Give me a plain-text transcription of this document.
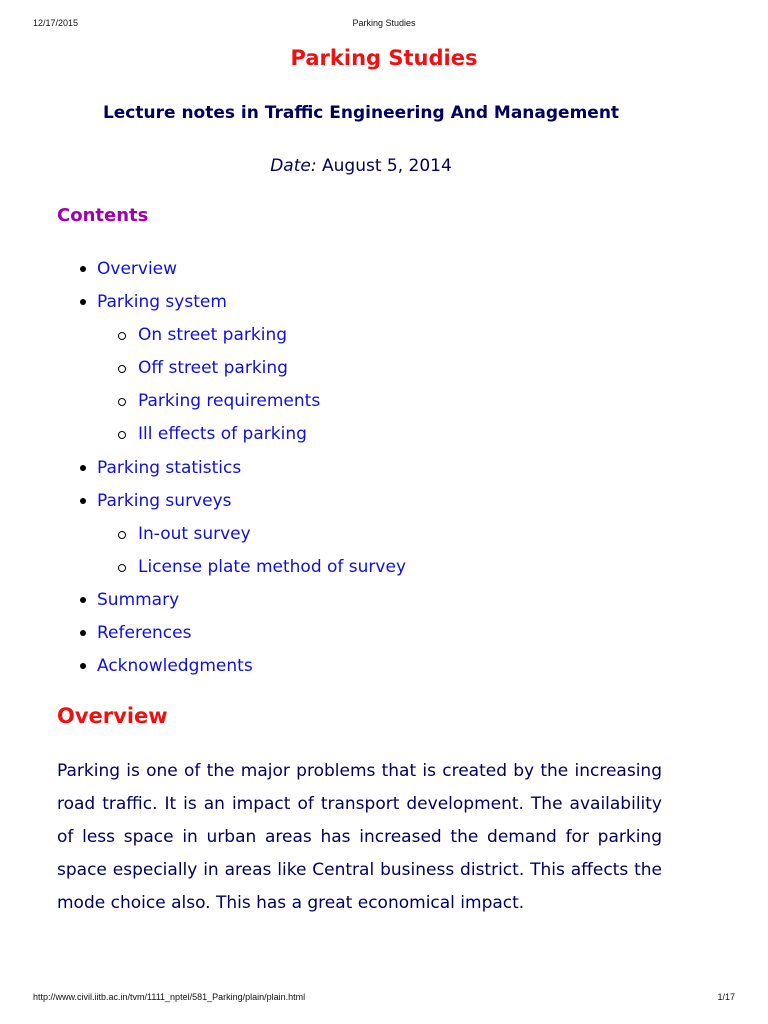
12/17/2015	Parking Studies
Parking Studies
Lecture notes in Traffic Engineering And Management
Date: August 5, 2014
Contents
Overview
Parking system
On street parking
Off street parking
Parking requirements
Ill effects of parking
Parking statistics
Parking surveys
In-out survey
License plate method of survey
Summary
References
Acknowledgments
Overview

Parking is one of the major problems that is created by the increasing road traffic. It is an impact of transport development. The availability of less space in urban areas has increased the demand for parking space especially in areas like Central business district. This affects the mode choice also. This has a great economical impact.

http://www.civil.iitb.ac.in/tvm/1111_nptel/581_Parking/plain/plain.html	1/17
